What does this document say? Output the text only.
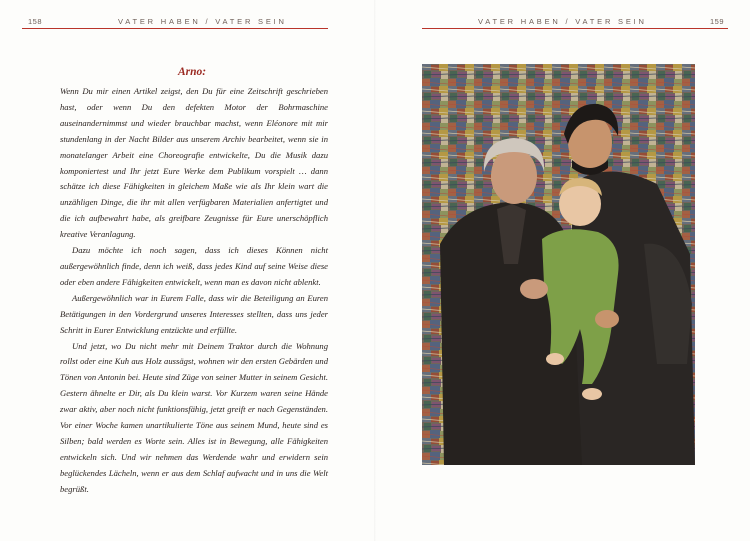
158	VATER HABEN / VATER SEIN
Arno:

Wenn Du mir einen Artikel zeigst, den Du für eine Zeitschrift geschrieben hast, oder wenn Du den defekten Motor der Bohrmaschine auseinandernimmst und wieder brauchbar machst, wenn Eléonore mit mir stundenlang in der Nacht Bilder aus unserem Archiv bearbeitet, wenn sie in monatelanger Arbeit eine Choreografie entwickelte, Du die Musik dazu komponiertest und Ihr jetzt Eure Werke dem Publikum vorspielt … dann schätze ich diese Fähigkeiten in gleichem Maße wie als Ihr klein wart die unzähligen Dinge, die ihr mit allen verfügbaren Materialien anfertigtet und die ich aufbewahrt habe, als greifbare Zeugnisse für Eure unerschöpflich kreative Veranlagung.

Dazu möchte ich noch sagen, dass ich dieses Können nicht außergewöhnlich finde, denn ich weiß, dass jedes Kind auf seine Weise diese oder eben andere Fähigkeiten entwickelt, wenn man es davon nicht ablenkt.

Außergewöhnlich war in Eurem Falle, dass wir die Beteiligung an Euren Betätigungen in den Vordergrund unseres Interesses stellten, dass uns jeder Schritt in Eurer Entwicklung entzückte und erfüllte.

Und jetzt, wo Du nicht mehr mit Deinem Traktor durch die Wohnung rollst oder eine Kuh aus Holz aussägst, wohnen wir den ersten Gebärden und Tönen von Antonin bei. Heute sind Züge von seiner Mutter in seinem Gesicht. Gestern ähnelte er Dir, als Du klein warst. Vor Kurzem waren seine Hände zwar aktiv, aber noch nicht funktionsfähig, jetzt greift er nach Gegenständen. Vor einer Woche kamen unartikulierte Töne aus seinem Mund, heute sind es Silben; bald werden es Worte sein. Alles ist in Bewegung, alle Fähigkeiten entwickeln sich. Und wir nehmen das Werdende wahr und erwidern sein beglückendes Lächeln, wenn er aus dem Schlaf aufwacht und in uns die Welt begrüßt.

VATER HABEN / VATER SEIN	159
